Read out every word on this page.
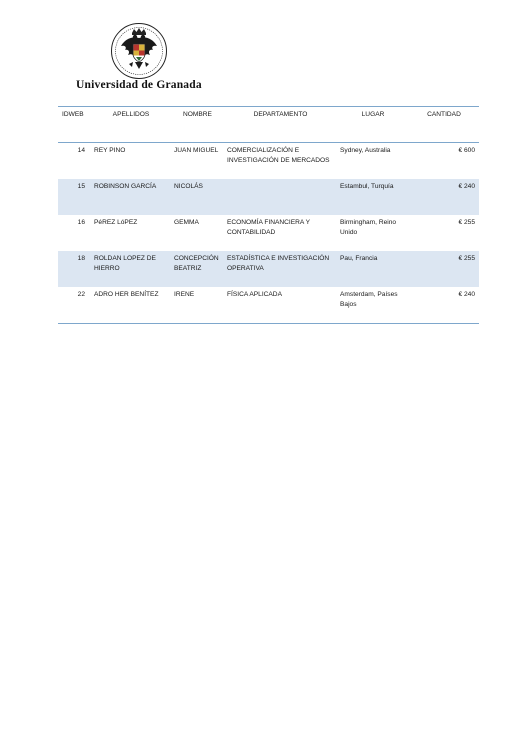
Universidad de Granada
IDWEB	APELLIDOS	NOMBRE	DEPARTAMENTO	LUGAR	CANTIDAD
14	REY PINO	JUAN MIGUEL	COMERCIALIZACIÓN E INVESTIGACIÓN DE MERCADOS	Sydney, Australia	€ 600
15	ROBINSON GARCÍA	NICOLÁS		Estambul, Turquía	€ 240
16	PéREZ LóPEZ	GEMMA	ECONOMÍA FINANCIERA Y CONTABILIDAD	Birmingham, Reino Unido	€ 255
18	ROLDAN LOPEZ DE HIERRO	CONCEPCIÓN BEATRIZ	ESTADÍSTICA E INVESTIGACIÓN OPERATIVA	Pau, Francia	€ 255
22	ADRO HER BENÍTEZ	IRENE	FÍSICA APLICADA	Amsterdam, Países Bajos	€ 240
